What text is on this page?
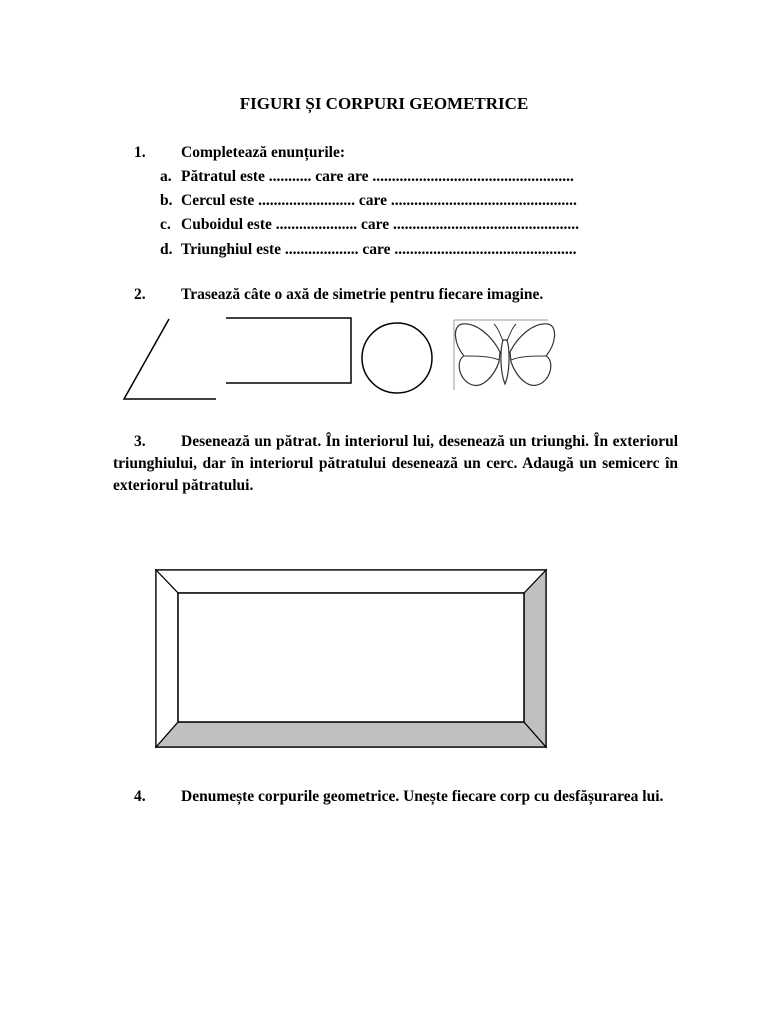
FIGURI ȘI CORPURI GEOMETRICE
1. Completează enunțurile:
a. Pătratul este ........... care are ....................................................
b. Cercul este ......................... care ................................................
c. Cuboidul este ..................... care ................................................
d. Triunghiul este ................... care ...............................................
2. Trasează câte o axă de simetrie pentru fiecare imagine.

3. Desenează un pătrat. În interiorul lui, desenează un triunghi. În exteriorul triunghiului, dar în interiorul pătratului desenează un cerc. Adaugă un semicerc în exteriorul pătratului.

4. Denumește corpurile geometrice. Unește fiecare corp cu desfășurarea lui.
